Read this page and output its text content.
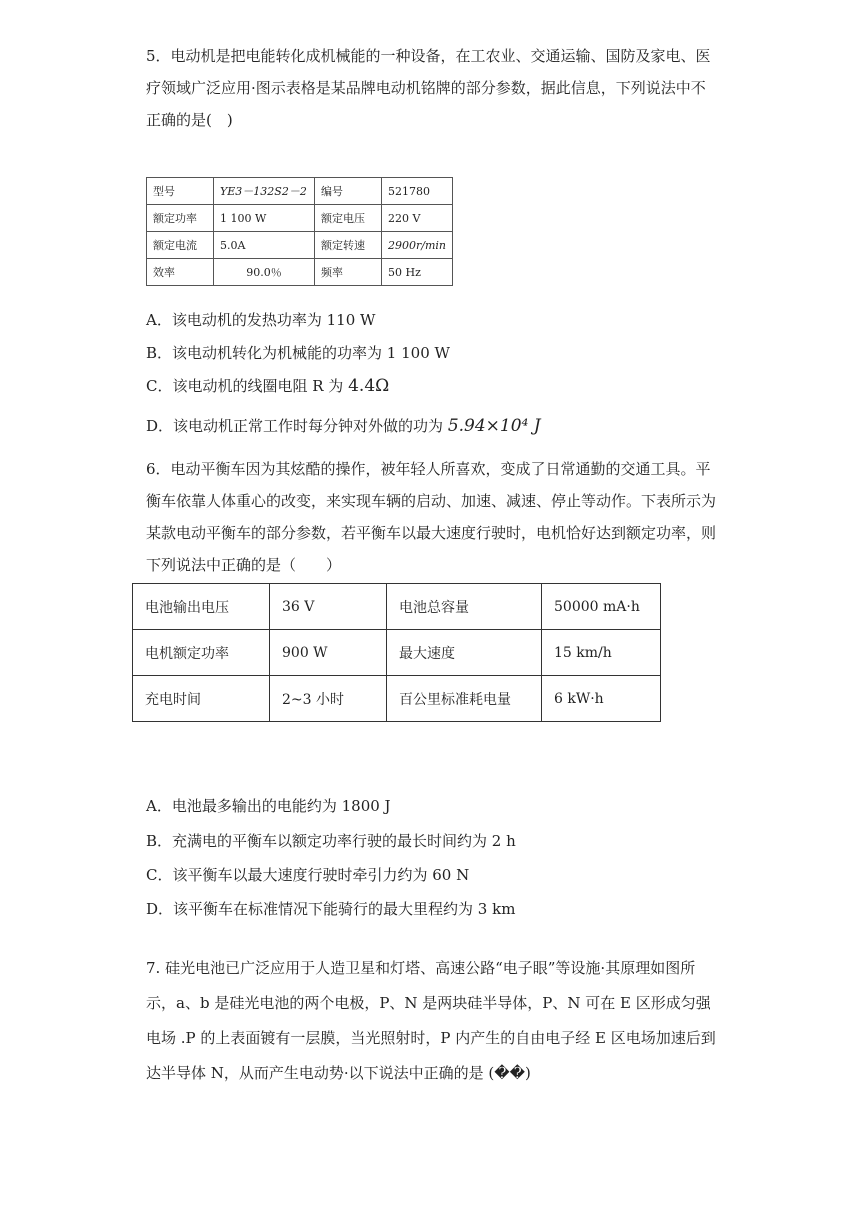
5．电动机是把电能转化成机械能的一种设备，在工农业、交通运输、国防及家电、医疗领域广泛应用·图示表格是某品牌电动机铭牌的部分参数，据此信息，下列说法中不正确的是(　)

型号	YE3－132S2－2	编号	521780
额定功率	1 100 W	额定电压	220 V
额定电流	5.0A	额定转速	2900r/min
效率	90.0％	频率	50 Hz
A．该电动机的发热功率为 110 W
B．该电动机转化为机械能的功率为 1 100 W
C．该电动机的线圈电阻 R 为 4.4Ω
D．该电动机正常工作时每分钟对外做的功为 5.94×10⁴ J

6．电动平衡车因为其炫酷的操作，被年轻人所喜欢，变成了日常通勤的交通工具。平衡车依靠人体重心的改变，来实现车辆的启动、加速、减速、停止等动作。下表所示为某款电动平衡车的部分参数，若平衡车以最大速度行驶时，电机恰好达到额定功率，则下列说法中正确的是（　　）

电池输出电压	36 V	电池总容量	50000 mA·h
电机额定功率	900 W	最大速度	15 km/h
充电时间	2~3 小时	百公里标准耗电量	6 kW·h
A．电池最多输出的电能约为 1800 J
B．充满电的平衡车以额定功率行驶的最长时间约为 2 h
C．该平衡车以最大速度行驶时牵引力约为 60 N
D．该平衡车在标准情况下能骑行的最大里程约为 3 km

7. 硅光电池已广泛应用于人造卫星和灯塔、高速公路“电子眼”等设施·其原理如图所示，a、b 是硅光电池的两个电极，P、N 是两块硅半导体，P、N 可在 E 区形成匀强电场 .P 的上表面镀有一层膜，当光照射时，P 内产生的自由电子经 E 区电场加速后到达半导体 N，从而产生电动势·以下说法中正确的是 (��)
